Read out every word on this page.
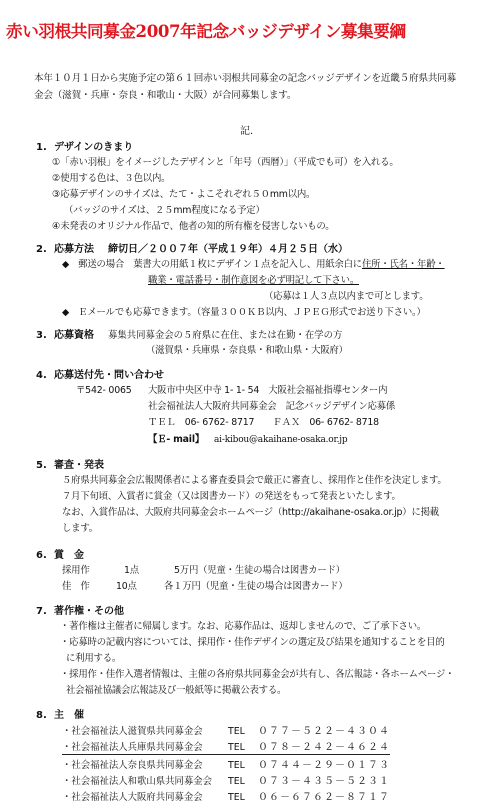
赤い羽根共同募金2007年記念バッジデザイン募集要綱
本年１０月１日から実施予定の第６１回赤い羽根共同募金の記念バッジデザインを近畿５府県共同募金会（滋賀・兵庫・奈良・和歌山・大阪）が合同募集します。
記．
1. デザインのきまり
①「赤い羽根」をイメージしたデザインと「年号（西暦）」（平成でも可）を入れる。
②使用する色は、３色以内。
③応募デザインのサイズは、たて・よこそれぞれ５０mm以内。
（バッジのサイズは、２５mm程度になる予定）
④未発表のオリジナル作品で、他者の知的所有権を侵害しないもの。
2. 応募方法 締切日／２００７年（平成１９年）４月２５日（水）
◆　郵送の場合　葉書大の用紙１枚にデザイン１点を記入し、用紙余白に住所・氏名・年齢・
職業・電話番号・制作意図を必ず明記して下さい。
（応募は１人３点以内まで可とします。
◆　Ｅメールでも応募できます。（容量３００ＫＢ以内、ＪＰＥＧ形式でお送り下さい。）
3. 応募資格 募集共同募金会の５府県に在住、または在勤・在学の方
（滋賀県・兵庫県・奈良県・和歌山県・大阪府）
4. 応募送付先・問い合わせ
〒542- 0065 大阪市中央区中寺 1- 1- 54　大阪社会福祉指導センター内
社会福祉法人大阪府共同募金会　記念バッジデザイン応募係
ＴＥＬ　06- 6762- 8717　　ＦＡＸ　06- 6762- 8718
【Ｅ- mail】 ai-kibou@akaihane-osaka.or.jp
5. 審査・発表
５府県共同募金会広報関係者による審査委員会で厳正に審査し、採用作と佳作を決定します。
７月下旬頃、入賞者に賞金（又は図書カード）の発送をもって発表といたします。
なお、入賞作品は、大阪府共同募金会ホームページ（http://akaihane-osaka.or.jp）に掲載
します。
6. 賞　金
採用作	1点	5万円（児童・生徒の場合は図書カード）
佳　作	10点	各１万円（児童・生徒の場合は図書カード）
7. 著作権・その他
・著作権は主催者に帰属します。なお、応募作品は、返却しませんので、ご了承下さい。
・応募時の記載内容については、採用作・佳作デザインの選定及び結果を通知することを目的
に利用する。
・採用作・佳作入選者情報は、主催の各府県共同募金会が共有し、各広報誌・各ホームページ・
社会福祉協議会広報誌及び一般紙等に掲載公表する。
8. 主　催
・社会福祉法人滋賀県共同募金会	TEL ０７７－５２２－４３０４
・社会福祉法人兵庫県共同募金会	TEL ０７８－２４２－４６２４
・社会福祉法人奈良県共同募金会	TEL ０７４４－２９－０１７３
・社会福祉法人和歌山県共同募金会 TEL ０７３－４３５－５２３１
・社会福祉法人大阪府共同募金会	TEL ０６－６７６２－８７１７
